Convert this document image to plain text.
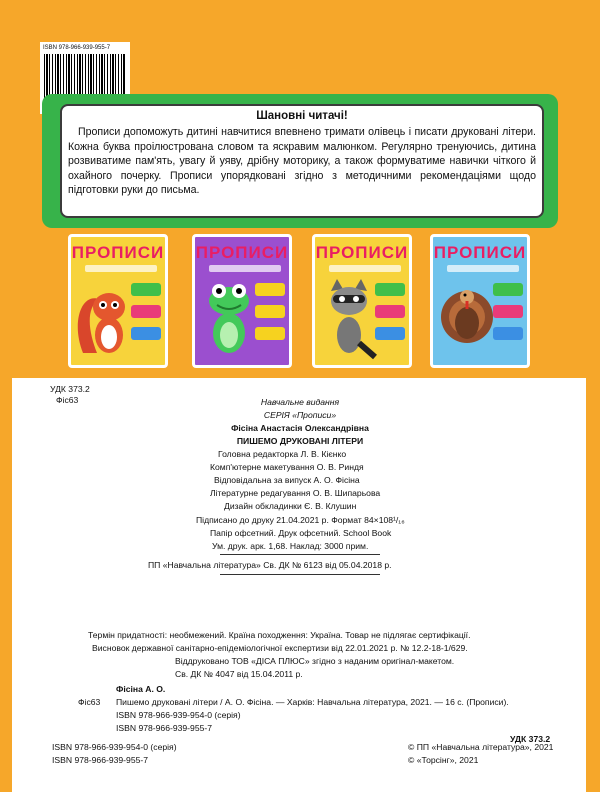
ISBN 978-966-939-955-7
Шановні читачі!
Прописи допоможуть дитині навчитися впевнено тримати олівець і писати друковані літери. Кожна буква проілюстрована словом та яскравим малюнком. Регулярно тренуючись, дитина розвиватиме пам'ять, увагу й уяву, дрібну моторику, а також формуватиме навички чіткого й охайного почерку. Прописи упорядковані згідно з методичними рекомендаціями щодо підготовки руки до письма.
ПРОПИСИ ПРОПИСИ ПРОПИСИ ПРОПИСИ
УДК 373.2
Фіс63	Навчальне видання
СЕРІЯ «Прописи»
Фісіна Анастасія Олександрівна
ПИШЕМО ДРУКОВАНІ ЛІТЕРИ
Головна редакторка Л. В. Кієнко
Комп'ютерне макетування О. В. Риндя
Відповідальна за випуск А. О. Фісіна
Літературне редагування О. В. Шипарьова
Дизайн обкладинки Є. В. Клушин
Підписано до друку 21.04.2021 р. Формат 84×108¹/₁₆
Папір офсетний. Друк офсетний. School Book
Ум. друк. арк. 1,68. Наклад: 3000 прим.
ПП «Навчальна література» Св. ДК № 6123 від 05.04.2018 р.
Термін придатності: необмежений. Країна походження: Україна. Товар не підлягає сертифікації.
Висновок державної санітарно-епідеміологічної експертизи від 22.01.2021 р. № 12.2-18-1/629.
Віддруковано ТОВ «ДІСА ПЛЮС» згідно з наданим оригінал-макетом.
Св. ДК № 4047 від 15.04.2011 р.
Фісіна А. О.
Фіс63 Пишемо друковані літери / А. О. Фісіна. — Харків: Навчальна література, 2021. — 16 с. (Прописи).
ISBN 978-966-939-954-0 (серія)
ISBN 978-966-939-955-7
УДК 373.2
ISBN 978-966-939-954-0 (серія)
ISBN 978-966-939-955-7
© ПП «Навчальна література», 2021
© «Торсінг», 2021
